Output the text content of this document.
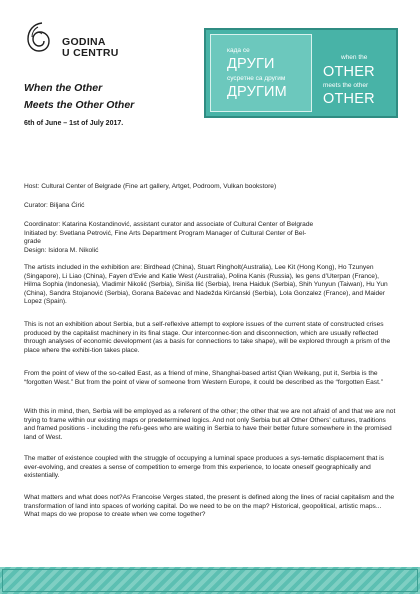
GODINA
U CENTRU	када се
ДРУГИ
сусретне са другим
ДРУГИМ
when the
OTHER
meets the other
OTHER
When the Other
Meets the Other Other
6th of June – 1st of July 2017.
Host: Cultural Center of Belgrade (Fine art gallery, Artget, Podroom, Vulkan bookstore)
Curator: Biljana Ćirić
Coordinator: Katarina Kostandinović, assistant curator and associate of Cultural Center of Belgrade
Initiated by: Svetlana Petrović, Fine Arts Department Program Manager of Cultural Center of Bel-
grade
Design: Isidora M. Nikolić

The artists included in the exhibition are: Birdhead (China), Stuart Ringholt(Australia), Lee Kit (Hong Kong), Ho Tzunyen (Singapore), Li Liao (China), Fayen d’Evie and Katie West (Australia), Polina Kanis (Russia), les gens d’Uterpan (France), Hilma Sophia (Indonesia), Vladimir Nikolić (Serbia), Siniša Ilić (Serbia), Irena Haiduk (Serbia), Shih Yunyun (Taiwan), Hu Yun (China), Sandra Stojanović (Serbia), Gorana Bačevac and Nadežda Kirćanski (Serbia), Lola Gonzalez (France), and Maider Lopez (Spain).

This is not an exhibition about Serbia, but a self-reflexive attempt to explore issues of the current state of constructed crises produced by the capitalist machinery in its final stage. Our interconnec-tion and disconnection, which are usually reflected through analyses of economic development (as a basis for connections to take shape), will be explored through a prism of the place where the exhibi-tion takes place.

From the point of view of the so-called East, as a friend of mine, Shanghai-based artist Qian Weikang, put it, Serbia is the “forgotten West.” But from the point of view of someone from Western Europe, it could be described as the “forgotten East.”

With this in mind, then, Serbia will be employed as a referent of the other; the other that we are not afraid of and that we are not trying to frame within our existing maps or predetermined logics. And not only Serbia but all Other Others’ cultures, traditions and framed positions - including the refu-gees who are waiting in Serbia to have their better future somewhere in the promised land of West.

The matter of existence coupled with the struggle of occupying a luminal space produces a sys-tematic displacement that is ever-evolving, and creates a sense of competition to emerge from this experience, to locate oneself geographically and existentially.

What matters and what does not?As Francoise Verges stated, the present is defined along the lines of racial capitalism and the transformation of land into spaces of working capital. Do we need to be on the map? Historical, geopolitical, artistic maps... What maps do we propose to create when we come together?
